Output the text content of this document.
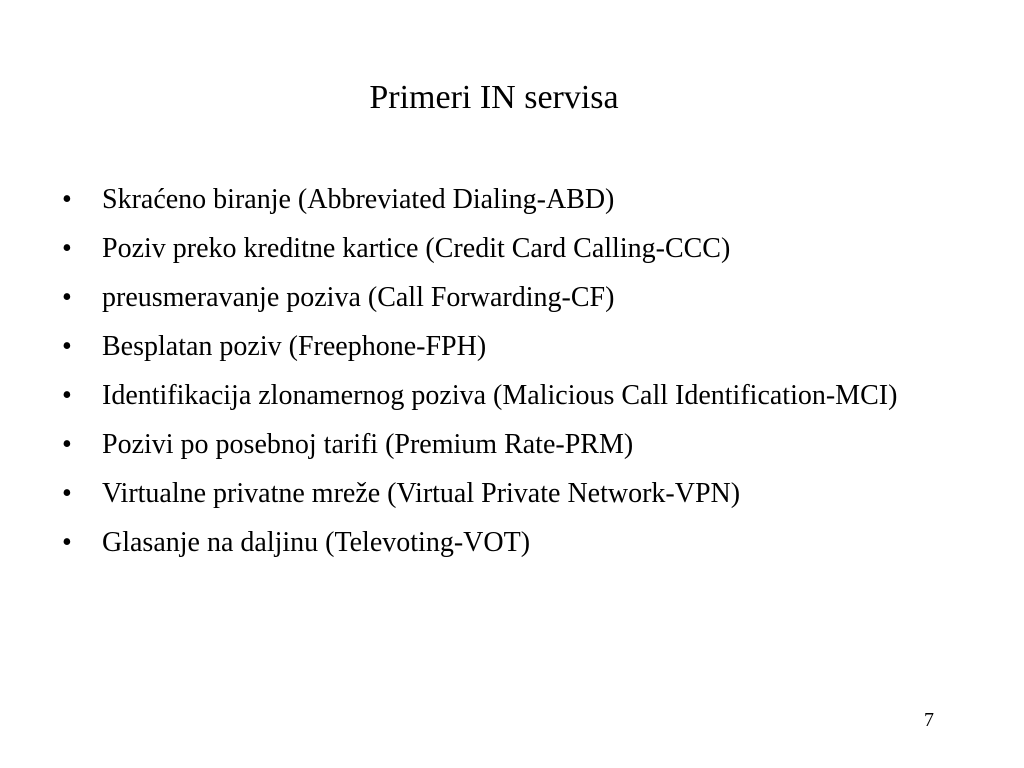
Primeri IN servisa
•	Skraćeno biranje (Abbreviated Dialing-ABD)
•	Poziv preko kreditne kartice (Credit Card Calling-CCC)
•	preusmeravanje poziva (Call Forwarding-CF)
•	Besplatan poziv (Freephone-FPH)
•	Identifikacija zlonamernog poziva (Malicious Call Identification-MCI)
•	Pozivi po posebnoj tarifi (Premium Rate-PRM)
•	Virtualne privatne mreže (Virtual Private Network-VPN)
•	Glasanje na daljinu (Televoting-VOT)
7
